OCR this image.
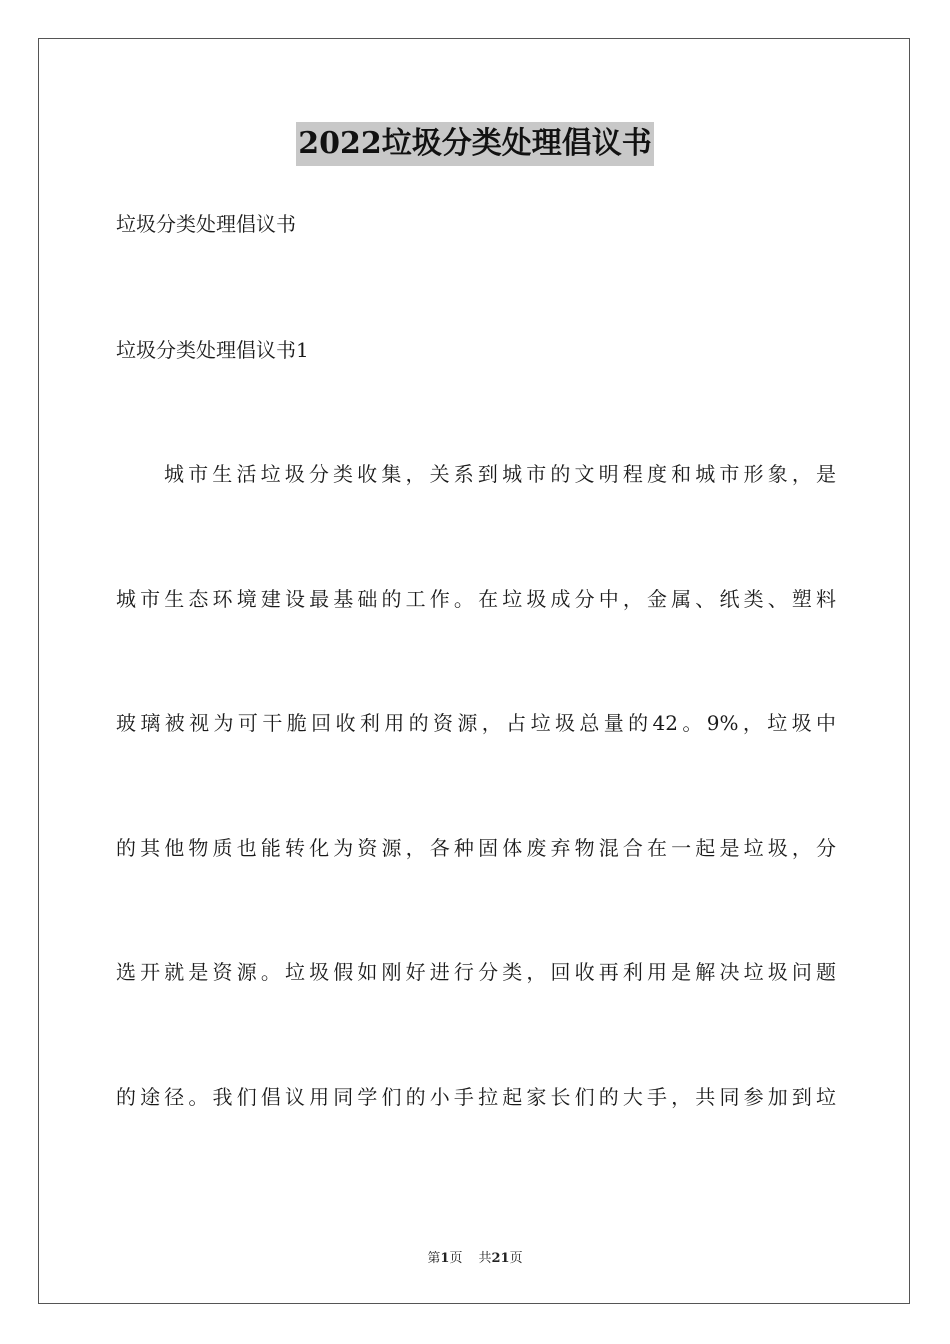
2022垃圾分类处理倡议书
垃圾分类处理倡议书
垃圾分类处理倡议书1
城市生活垃圾分类收集，关系到城市的文明程度和城市形象，是
城市生态环境建设最基础的工作。在垃圾成分中，金属、纸类、塑料
玻璃被视为可干脆回收利用的资源，占垃圾总量的42。9%，垃圾中
的其他物质也能转化为资源，各种固体废弃物混合在一起是垃圾，分
选开就是资源。垃圾假如刚好进行分类，回收再利用是解决垃圾问题
的途径。我们倡议用同学们的小手拉起家长们的大手，共同参加到垃
第1页 共21页
